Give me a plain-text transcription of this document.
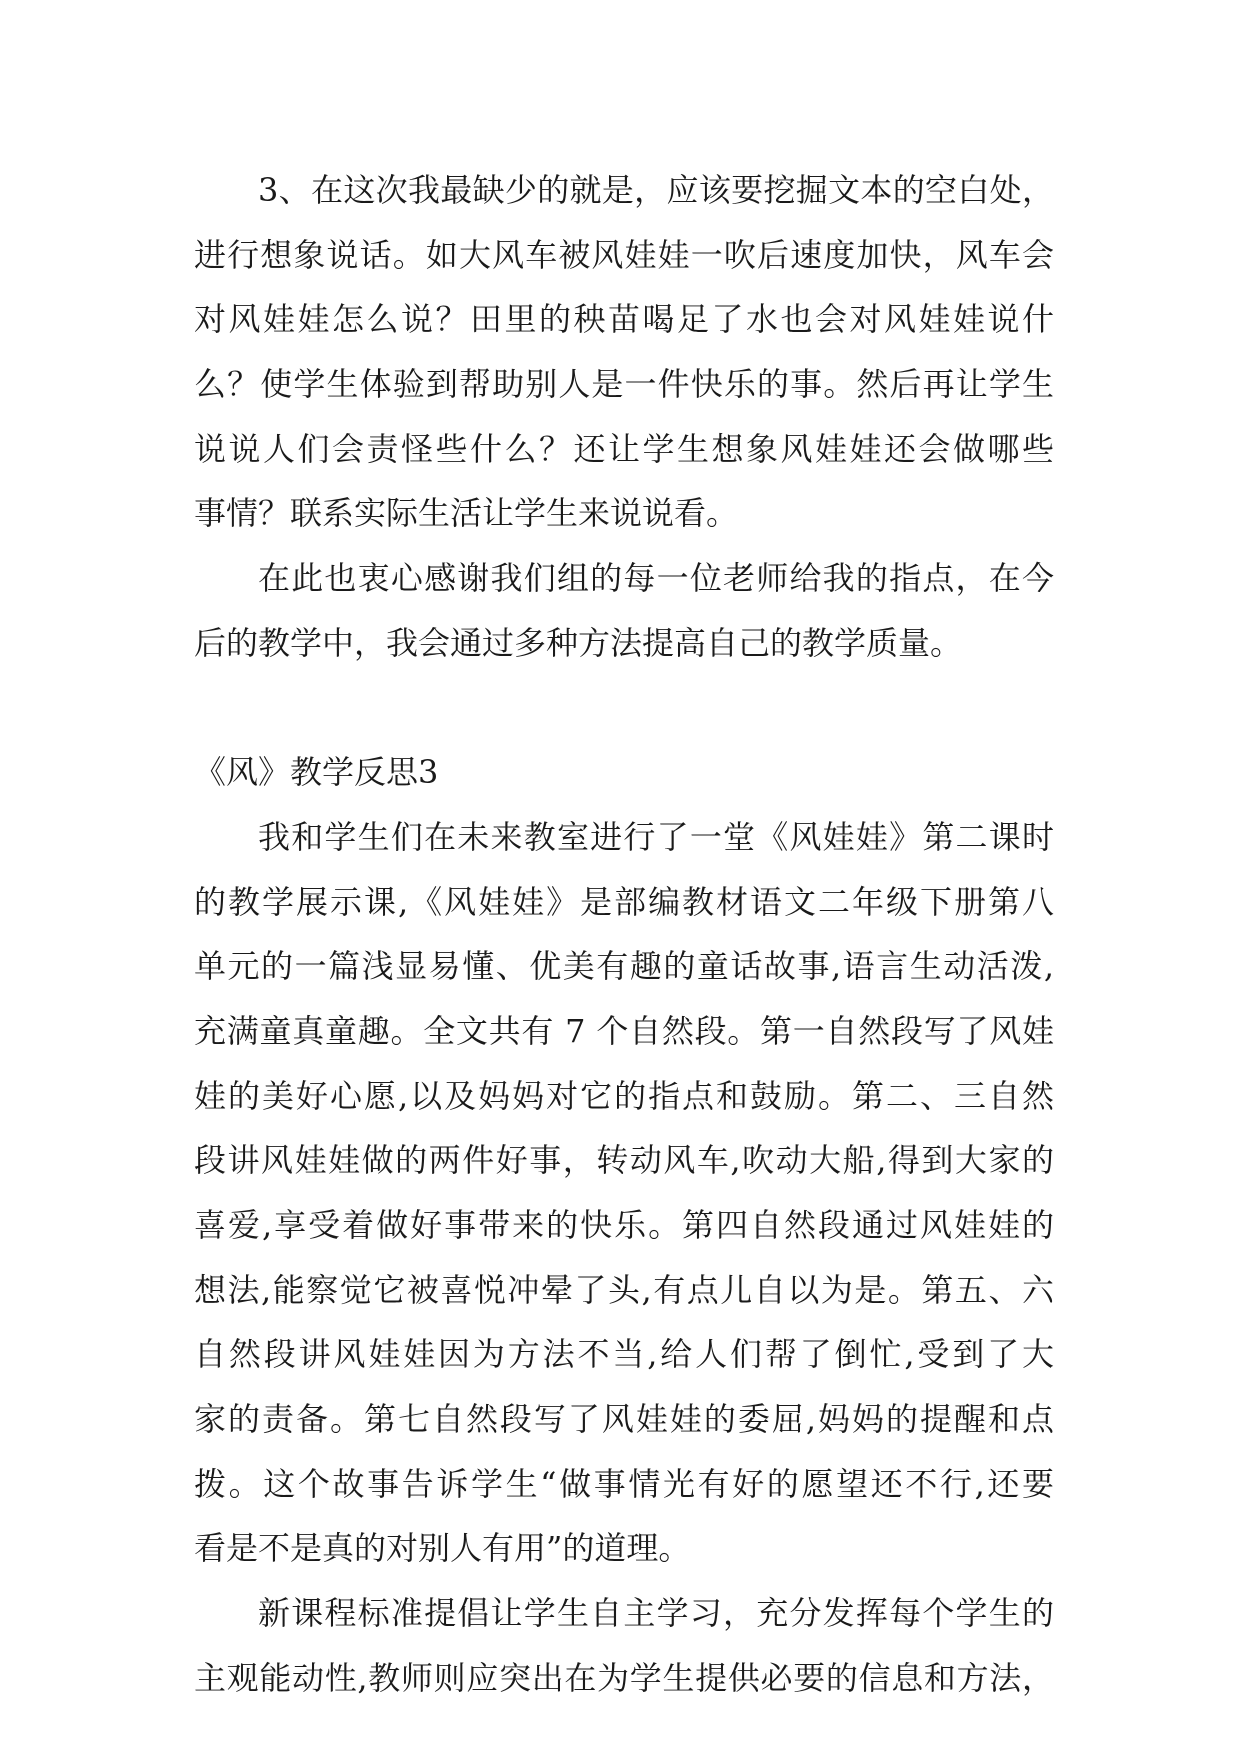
3、在这次我最缺少的就是，应该要挖掘文本的空白处，
进行想象说话。如大风车被风娃娃一吹后速度加快，风车会
对风娃娃怎么说？田里的秧苗喝足了水也会对风娃娃说什
么？使学生体验到帮助别人是一件快乐的事。然后再让学生
说说人们会责怪些什么？还让学生想象风娃娃还会做哪些
事情？联系实际生活让学生来说说看。
在此也衷心感谢我们组的每一位老师给我的指点，在今
后的教学中，我会通过多种方法提高自己的教学质量。
《风》教学反思3
我和学生们在未来教室进行了一堂《风娃娃》第二课时
的教学展示课,《风娃娃》是部编教材语文二年级下册第八
单元的一篇浅显易懂、优美有趣的童话故事,语言生动活泼,
充满童真童趣。全文共有 7 个自然段。第一自然段写了风娃
娃的美好心愿,以及妈妈对它的指点和鼓励。第二、三自然
段讲风娃娃做的两件好事，转动风车,吹动大船,得到大家的
喜爱,享受着做好事带来的快乐。第四自然段通过风娃娃的
想法,能察觉它被喜悦冲晕了头,有点儿自以为是。第五、六
自然段讲风娃娃因为方法不当,给人们帮了倒忙,受到了大
家的责备。第七自然段写了风娃娃的委屈,妈妈的提醒和点
拨。这个故事告诉学生“做事情光有好的愿望还不行,还要
看是不是真的对别人有用”的道理。
新课程标准提倡让学生自主学习，充分发挥每个学生的
主观能动性,教师则应突出在为学生提供必要的信息和方法，
